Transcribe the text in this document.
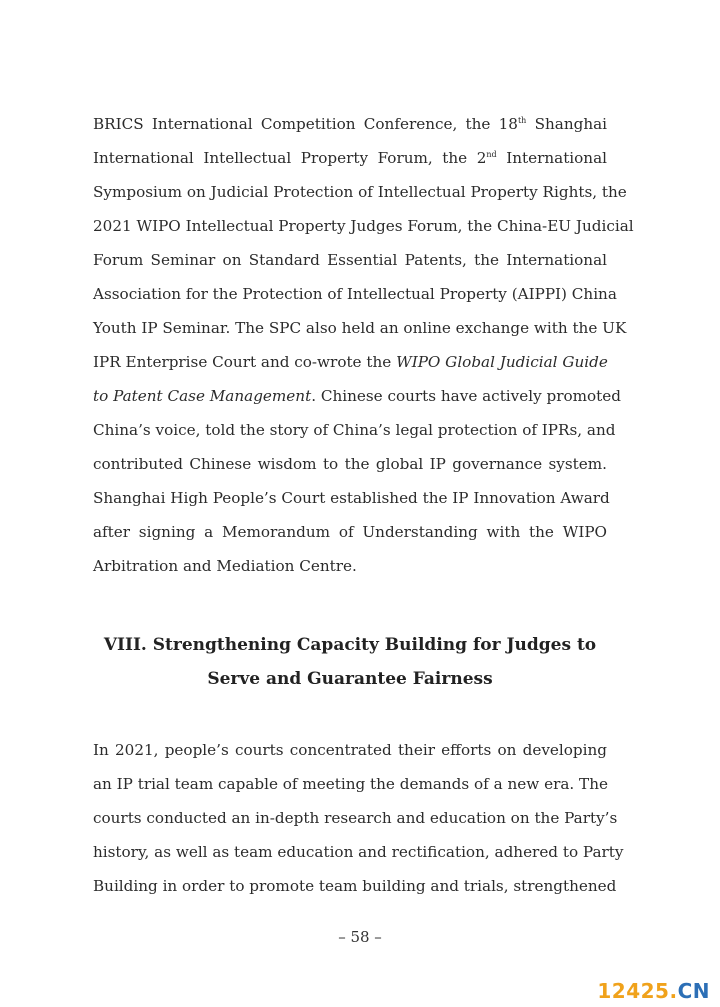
BRICS International Competition Conference, the 18th Shanghai
International Intellectual Property Forum, the 2nd International
Symposium on Judicial Protection of Intellectual Property Rights, the
2021 WIPO Intellectual Property Judges Forum, the China-EU Judicial
Forum Seminar on Standard Essential Patents, the International
Association for the Protection of Intellectual Property (AIPPI) China
Youth IP Seminar. The SPC also held an online exchange with the UK
IPR Enterprise Court and co-wrote the WIPO Global Judicial Guide
to Patent Case Management. Chinese courts have actively promoted
China’s voice, told the story of China’s legal protection of IPRs, and
contributed Chinese wisdom to the global IP governance system.
Shanghai High People’s Court established the IP Innovation Award
after signing a Memorandum of Understanding with the WIPO
Arbitration and Mediation Centre.
VIII. Strengthening Capacity Building for Judges to
Serve and Guarantee Fairness
In 2021, people’s courts concentrated their efforts on developing
an IP trial team capable of meeting the demands of a new era. The
courts conducted an in-depth research and education on the Party’s
history, as well as team education and rectification, adhered to Party
Building in order to promote team building and trials, strengthened
– 58 –
12425.CN
